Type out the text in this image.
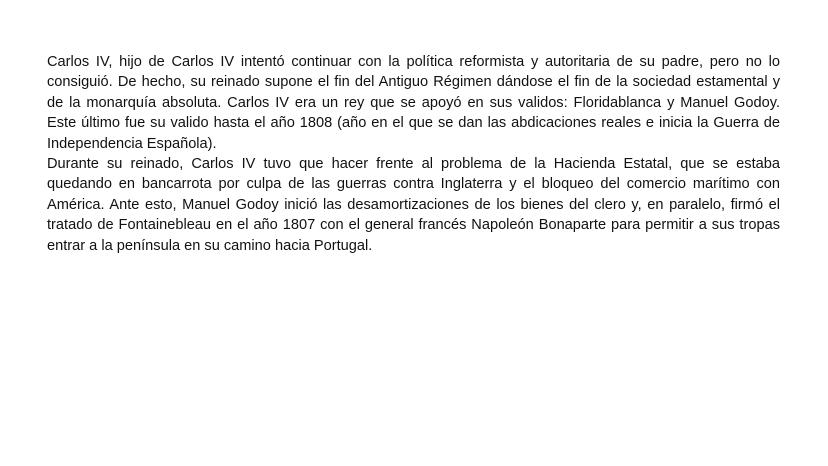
Carlos IV, hijo de Carlos IV intentó continuar con la política reformista y autoritaria de su padre, pero no lo consiguió. De hecho, su reinado supone el fin del Antiguo Régimen dándose el fin de la sociedad estamental y de la monarquía absoluta. Carlos IV era un rey que se apoyó en sus validos: Floridablanca y Manuel Godoy. Este último fue su valido hasta el año 1808 (año en el que se dan las abdicaciones reales e inicia la Guerra de Independencia Española).

Durante su reinado, Carlos IV tuvo que hacer frente al problema de la Hacienda Estatal, que se estaba quedando en bancarrota por culpa de las guerras contra Inglaterra y el bloqueo del comercio marítimo con América. Ante esto, Manuel Godoy inició las desamortizaciones de los bienes del clero y, en paralelo, firmó el tratado de Fontainebleau en el año 1807 con el general francés Napoleón Bonaparte para permitir a sus tropas entrar a la península en su camino hacia Portugal.
